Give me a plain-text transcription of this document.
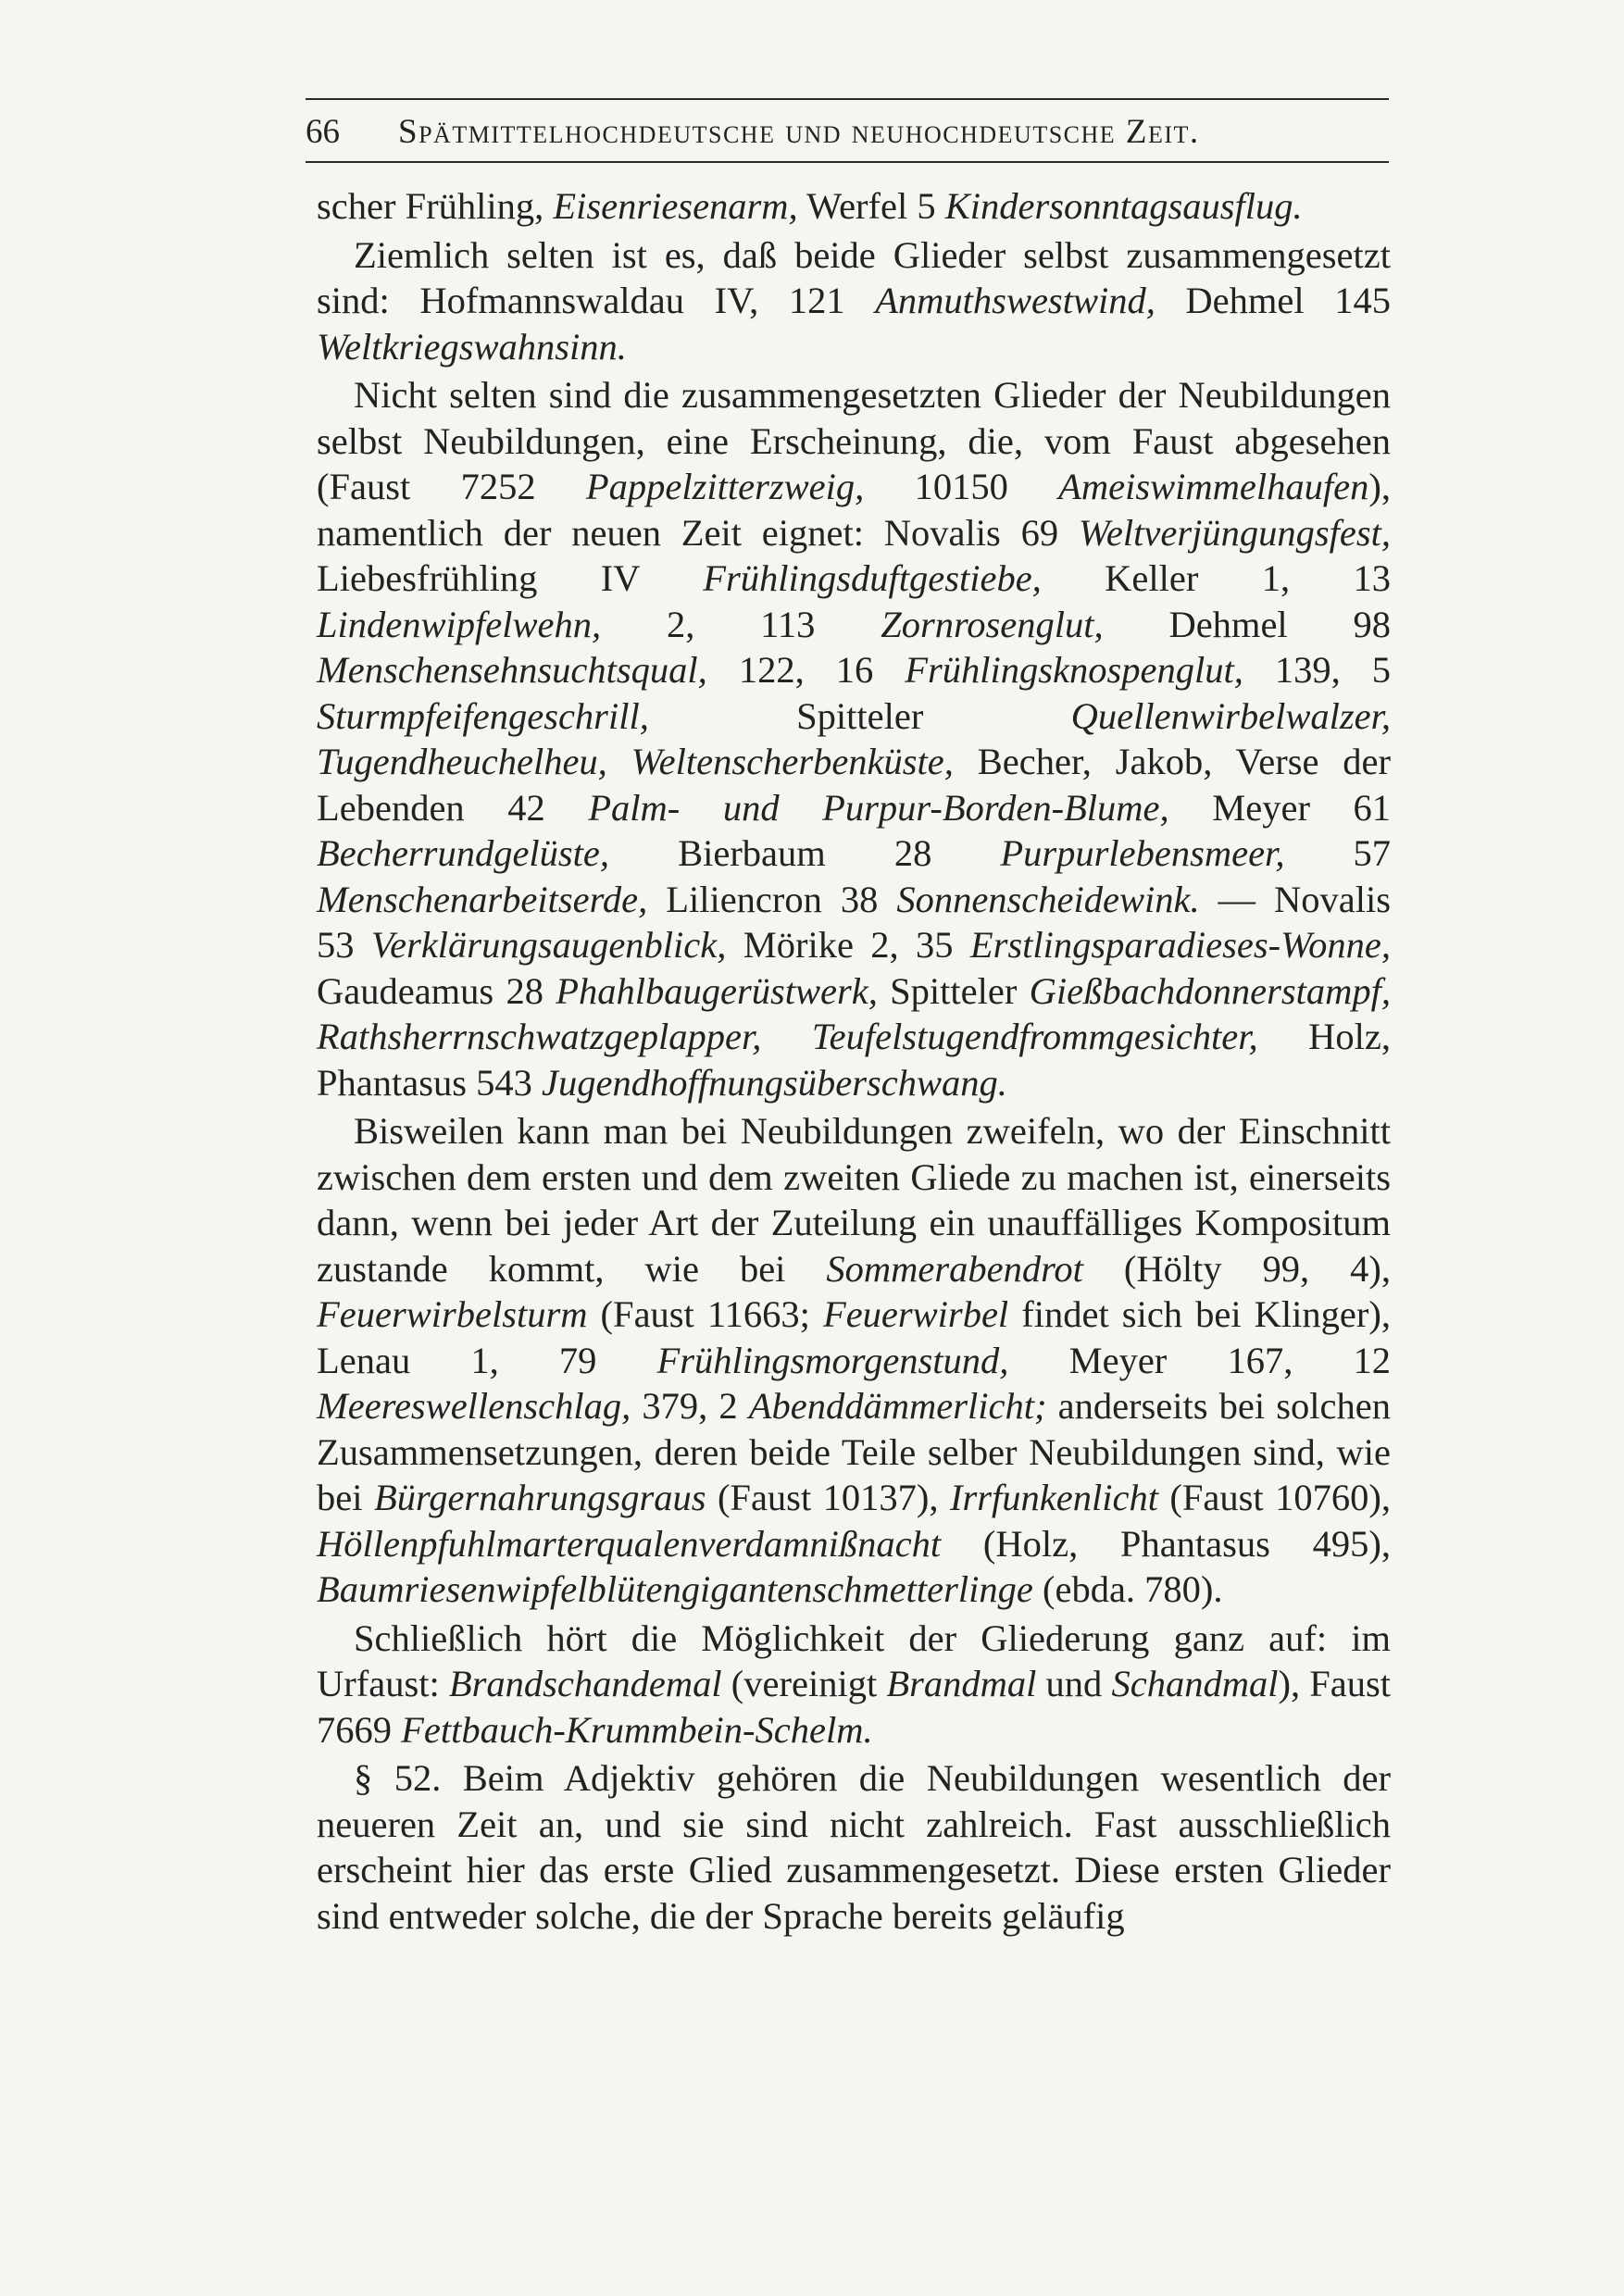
66 Spätmittelhochdeutsche und neuhochdeutsche Zeit.

scher Frühling, Eisenriesenarm, Werfel 5 Kindersonntagsausflug.

Ziemlich selten ist es, daß beide Glieder selbst zusammengesetzt sind: Hofmannswaldau IV, 121 Anmuthswestwind, Dehmel 145 Weltkriegswahnsinn.

Nicht selten sind die zusammengesetzten Glieder der Neubildungen selbst Neubildungen, eine Erscheinung, die, vom Faust abgesehen (Faust 7252 Pappelzitterzweig, 10150 Ameiswimmelhaufen), namentlich der neuen Zeit eignet: Novalis 69 Weltverjüngungsfest, Liebesfrühling IV Frühlingsduftgestiebe, Keller 1, 13 Lindenwipfelwehn, 2, 113 Zornrosenglut, Dehmel 98 Menschensehnsuchtsqual, 122, 16 Frühlingsknospenglut, 139, 5 Sturmpfeifengeschrill, Spitteler Quellenwirbelwalzer, Tugendheuchelheu, Weltenscherbenküste, Becher, Jakob, Verse der Lebenden 42 Palm- und Purpur-Borden-Blume, Meyer 61 Becherrundgelüste, Bierbaum 28 Purpurlebensmeer, 57 Menschenarbeitserde, Liliencron 38 Sonnenscheidewink. — Novalis 53 Verklärungsaugenblick, Mörike 2, 35 Erstlingsparadieses-Wonne, Gaudeamus 28 Phahlbaugerüstwerk, Spitteler Gießbachdonnerstampf, Rathsherrnschwatzgeplapper, Teufelstugendfrommgesichter, Holz, Phantasus 543 Jugendhoffnungsüberschwang.

Bisweilen kann man bei Neubildungen zweifeln, wo der Einschnitt zwischen dem ersten und dem zweiten Gliede zu machen ist, einerseits dann, wenn bei jeder Art der Zuteilung ein unauffälliges Kompositum zustande kommt, wie bei Sommerabendrot (Hölty 99, 4), Feuerwirbelsturm (Faust 11663; Feuerwirbel findet sich bei Klinger), Lenau 1, 79 Frühlingsmorgenstund, Meyer 167, 12 Meereswellenschlag, 379, 2 Abenddämmerlicht; anderseits bei solchen Zusammensetzungen, deren beide Teile selber Neubildungen sind, wie bei Bürgernahrungsgraus (Faust 10137), Irrfunkenlicht (Faust 10760), Höllenpfuhlmarterqualenverdamnißnacht (Holz, Phantasus 495), Baumriesenwipfelblütengigantenschmetterlinge (ebda. 780).

Schließlich hört die Möglichkeit der Gliederung ganz auf: im Urfaust: Brandschandemal (vereinigt Brandmal und Schandmal), Faust 7669 Fettbauch-Krummbein-Schelm.

§ 52. Beim Adjektiv gehören die Neubildungen wesentlich der neueren Zeit an, und sie sind nicht zahlreich. Fast ausschließlich erscheint hier das erste Glied zusammengesetzt. Diese ersten Glieder sind entweder solche, die der Sprache bereits geläufig
